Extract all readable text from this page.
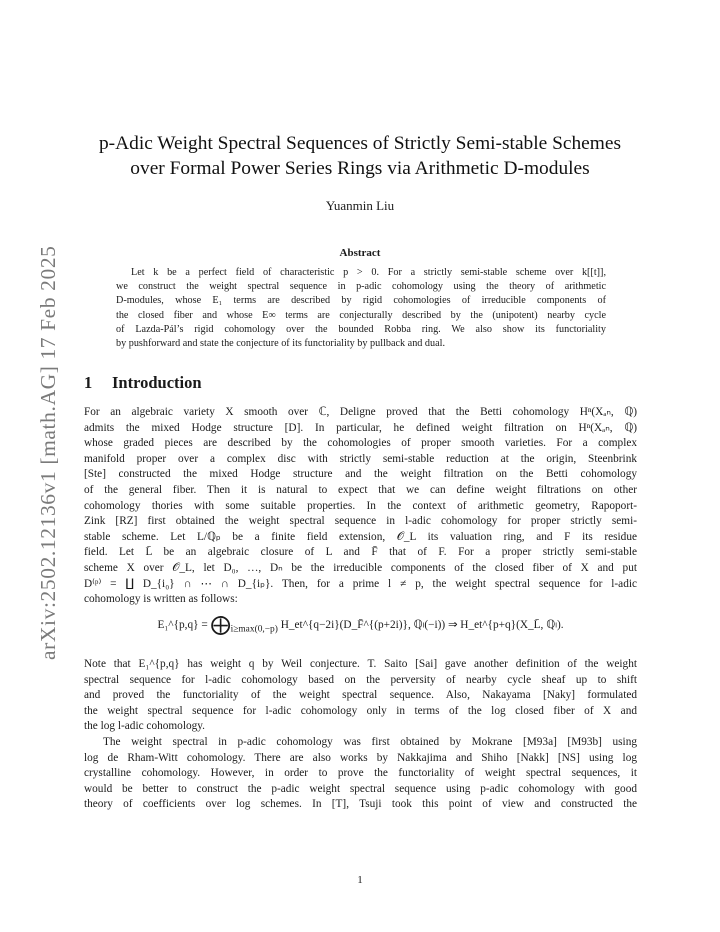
arXiv:2502.12136v1 [math.AG] 17 Feb 2025
p-Adic Weight Spectral Sequences of Strictly Semi-stable Schemes
over Formal Power Series Rings via Arithmetic D-modules
Yuanmin Liu
Abstract
Let k be a perfect field of characteristic p > 0. For a strictly semi-stable scheme over k[[t]],
we construct the weight spectral sequence in p-adic cohomology using the theory of arithmetic
D-modules, whose E₁ terms are described by rigid cohomologies of irreducible components of
the closed fiber and whose E∞ terms are conjecturally described by the (unipotent) nearby cycle
of Lazda-Pál’s rigid cohomology over the bounded Robba ring. We also show its functoriality
by pushforward and state the conjecture of its functoriality by pullback and dual.
1 Introduction
For an algebraic variety X smooth over ℂ, Deligne proved that the Betti cohomology Hⁿ(Xₐₙ, ℚ)
admits the mixed Hodge structure [D]. In particular, he defined weight filtration on Hⁿ(Xₐₙ, ℚ)
whose graded pieces are described by the cohomologies of proper smooth varieties. For a complex
manifold proper over a complex disc with strictly semi-stable reduction at the origin, Steenbrink
[Ste] constructed the mixed Hodge structure and the weight filtration on the Betti cohomology
of the general fiber. Then it is natural to expect that we can define weight filtrations on other
cohomology thories with some suitable properties. In the context of arithmetic geometry, Rapoport-
Zink [RZ] first obtained the weight spectral sequence in l-adic cohomology for proper strictly semi-
stable scheme. Let L/ℚₚ be a finite field extension, 𝒪_L its valuation ring, and F its residue
field. Let L̄ be an algebraic closure of L and F̄ that of F. For a proper strictly semi-stable
scheme X over 𝒪_L, let D₀, …, Dₙ be the irreducible components of the closed fiber of X and put
D⁽ᵖ⁾ = ∐ D_{i₀} ∩ ⋯ ∩ D_{iₚ}. Then, for a prime l ≠ p, the weight spectral sequence for l-adic
cohomology is written as follows:
E₁^{p,q} = $⨁_{i\ge max(0,-p)}$ H_et^{q−2i}(D_F̄^{(p+2i)}, ℚₗ(−i)) ⇒ H_et^{p+q}(X_L̄, ℚₗ).
Note that E₁^{p,q} has weight q by Weil conjecture. T. Saito [Sai] gave another definition of the weight
spectral sequence for l-adic cohomology based on the perversity of nearby cycle sheaf up to shift
and proved the functoriality of the weight spectral sequence. Also, Nakayama [Naky] formulated
the weight spectral sequence for l-adic cohomology only in terms of the log closed fiber of X and
the log l-adic cohomology.
The weight spectral in p-adic cohomology was first obtained by Mokrane [M93a] [M93b] using
log de Rham-Witt cohomology. There are also works by Nakkajima and Shiho [Nakk] [NS] using log
crystalline cohomology. However, in order to prove the functoriality of weight spectral sequences, it
would be better to construct the p-adic weight spectral sequence using p-adic cohomology with good
theory of coefficients over log schemes. In [T], Tsuji took this point of view and constructed the
1
